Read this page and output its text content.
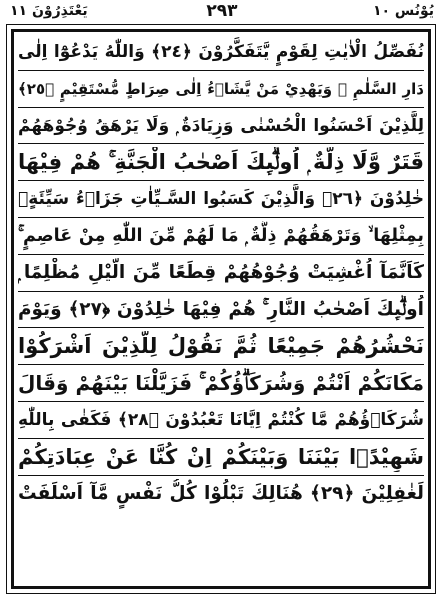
يَعْتَذِرُوْنَ ١١	٢٩٣	يُوْنُس ١٠
نُفَصِّلُ الْاٰيٰتِ لِقَوْمٍ يَّتَفَكَّرُوْنَ ﴿٢٤﴾ وَاللّٰهُ يَدْعُوْٓا اِلٰى
دَارِ السَّلٰمِ ۭ وَيَهْدِيْ مَنْ يَّشَاۗءُ اِلٰى صِرَاطٍ مُّسْتَقِيْمٍ ﴿٢٥﴾
لِلَّذِيْنَ اَحْسَنُوا الْحُسْنٰى وَزِيَادَةٌ ۭ وَلَا يَرْهَقُ وُجُوْهَهُمْ
قَتَرٌ وَّلَا ذِلَّةٌ ۭ اُولٰۗىِٕكَ اَصْحٰبُ الْجَنَّةِ ۚ هُمْ فِيْهَا
خٰلِدُوْنَ ﴿٢٦﴾ وَالَّذِيْنَ كَسَبُوا السَّـيِّاٰتِ جَزَاۗءُ سَيِّئَةٍۢ
بِمِثْلِهَا ۙ وَتَرْهَقُهُمْ ذِلَّةٌ ۭ مَا لَهُمْ مِّنَ اللّٰهِ مِنْ عَاصِمٍ ۚ
كَاَنَّمَآ اُغْشِيَتْ وُجُوْهُهُمْ قِطَعًا مِّنَ الَّيْلِ مُظْلِمًا ۭ
اُولٰۗىِٕكَ اَصْحٰبُ النَّارِ ۚ هُمْ فِيْهَا خٰلِدُوْنَ ﴿٢٧﴾ وَيَوْمَ
نَحْشُرُهُمْ جَمِيْعًا ثُمَّ نَقُوْلُ لِلَّذِيْنَ اَشْرَكُوْا
مَكَانَكُمْ اَنْتُمْ وَشُرَكَاۗؤُكُمْ ۚ فَزَيَّلْنَا بَيْنَهُمْ وَقَالَ
شُرَكَاۗؤُهُمْ مَّا كُنْتُمْ اِيَّانَا تَعْبُدُوْنَ ﴿٢٨﴾ فَكَفٰى بِاللّٰهِ
شَهِيْدًۢا بَيْنَنَا وَبَيْنَكُمْ اِنْ كُنَّا عَنْ عِبَادَتِكُمْ
لَغٰفِلِيْنَ ﴿٢٩﴾ هُنَالِكَ تَبْلُوْا كُلُّ نَفْسٍ مَّآ اَسْلَفَتْ
